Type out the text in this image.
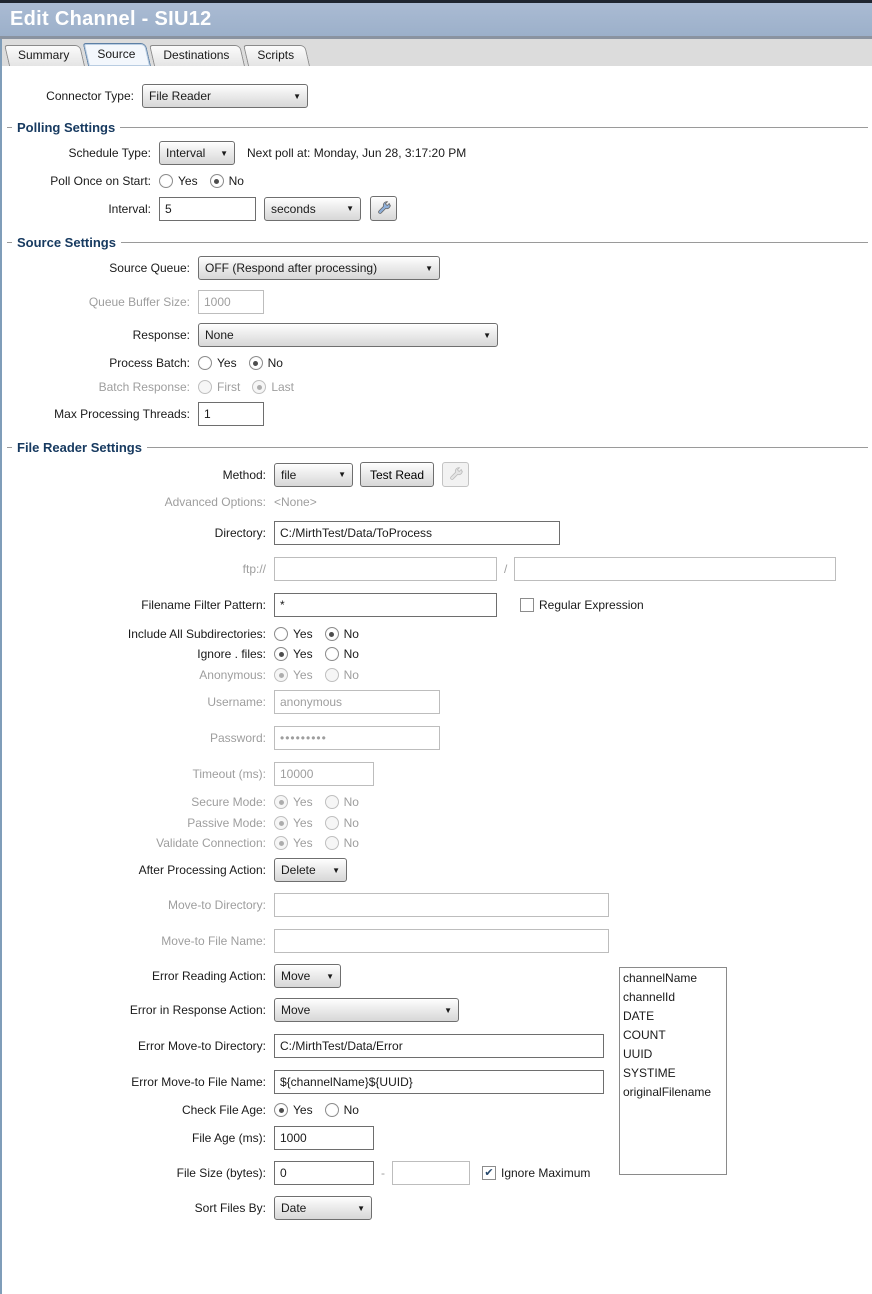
Edit Channel - SIU12
Summary	Source	Destinations	Scripts
Connector Type: File Reader	▼
Polling Settings
Schedule Type: Interval ▼ Next poll at: Monday, Jun 28, 3:17:20 PM
Poll Once on Start: Yes	No
Interval:
5	seconds	▼
Source Settings
Source Queue: OFF (Respond after processing)	▼
Queue Buffer Size:
1000
Response: None	▼
Process Batch: Yes	No
Batch Response: First	Last
Max Processing Threads:
1
File Reader Settings
Method: file	▼	Test Read
Advanced Options: <None>
Directory:
C:/MirthTest/Data/ToProcess
ftp://	/
Filename Filter Pattern:
*	Regular Expression
Include All Subdirectories: Yes	No
Ignore . files: Yes	No
Anonymous: Yes	No
Username:
anonymous
Password:
•••••••••
Timeout (ms):
10000
Secure Mode: Yes	No
Passive Mode: Yes	No
Validate Connection: Yes	No
After Processing Action: Delete ▼
Move-to Directory:
Move-to File Name:
Error Reading Action: Move ▼
Error in Response Action: Move	▼
Error Move-to Directory:
C:/MirthTest/Data/Error
Error Move-to File Name:
${channelName}${UUID}
Check File Age: Yes	No
File Age (ms):
1000
File Size (bytes):
0	-	✔ Ignore Maximum
Sort Files By: Date	▼
channelName
channelId
DATE
COUNT
UUID
SYSTIME
originalFilename
